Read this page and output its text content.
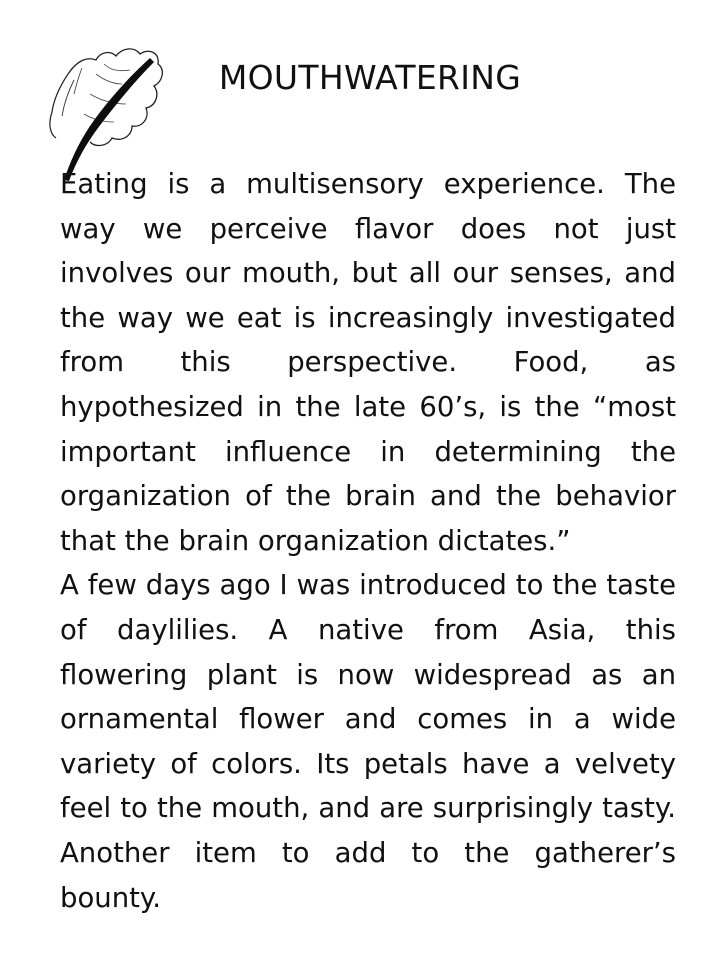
MOUTHWATERING

Eating is a multisensory experience. The way we perceive flavor does not just involves our mouth, but all our senses, and the way we eat is increasingly investigated from this perspective. Food, as hypothesized in the late 60’s, is the “most important influence in determining the organization of the brain and the behavior that the brain organization dictates.”

A few days ago I was introduced to the taste of daylilies. A native from Asia, this flowering plant is now widespread as an ornamental flower and comes in a wide variety of colors. Its petals have a velvety feel to the mouth, and are surprisingly tasty. Another item to add to the gatherer’s bounty.
